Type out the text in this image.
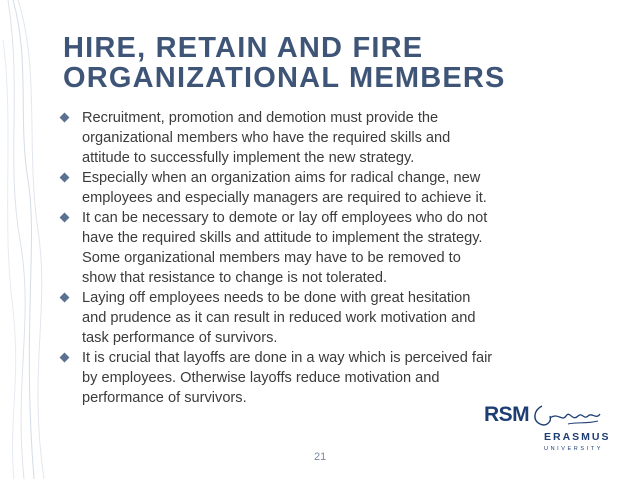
HIRE, RETAIN AND FIRE
ORGANIZATIONAL MEMBERS
Recruitment, promotion and demotion must provide the
organizational members who have the required skills and
attitude to successfully implement the new strategy.
Especially when an organization aims for radical change, new
employees and especially managers are required to achieve it.
It can be necessary to demote or lay off employees who do not
have the required skills and attitude to implement the strategy.
Some organizational members may have to be removed to
show that resistance to change is not tolerated.
Laying off employees needs to be done with great hesitation
and prudence as it can result in reduced work motivation and
task performance of survivors.
It is crucial that layoffs are done in a way which is perceived fair
by employees. Otherwise layoffs reduce motivation and
performance of survivors.
RSM
ERASMUS
UNIVERSITY
21
